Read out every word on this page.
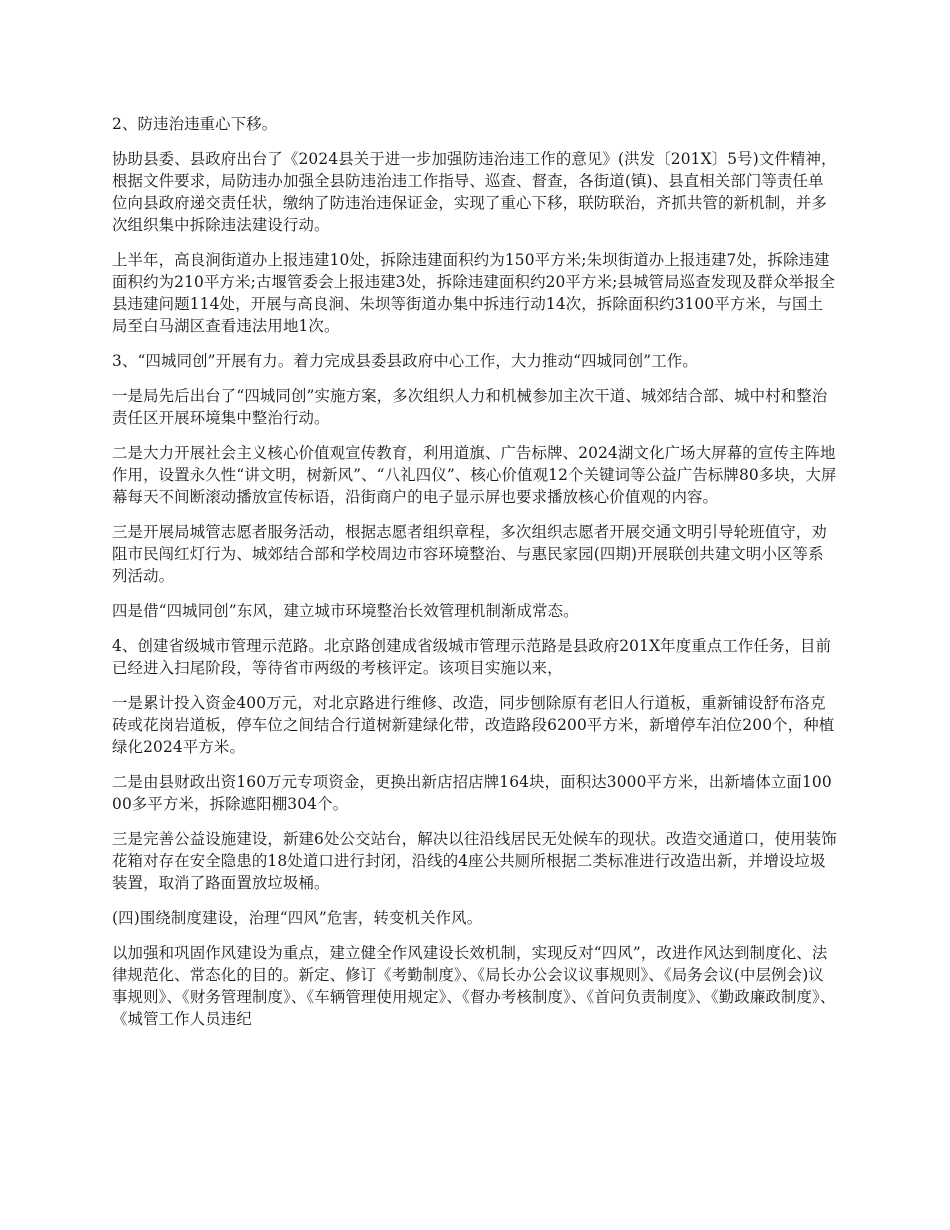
2、防违治违重心下移。

协助县委、县政府出台了《2024县关于进一步加强防违治违工作的意见》(洪发〔201X〕5号)文件精神，根据文件要求，局防违办加强全县防违治违工作指导、巡查、督查，各街道(镇)、县直相关部门等责任单位向县政府递交责任状，缴纳了防违治违保证金，实现了重心下移，联防联治，齐抓共管的新机制，并多次组织集中拆除违法建设行动。

上半年，高良涧街道办上报违建10处，拆除违建面积约为150平方米;朱坝街道办上报违建7处，拆除违建面积约为210平方米;古堰管委会上报违建3处，拆除违建面积约20平方米;县城管局巡查发现及群众举报全县违建问题114处，开展与高良涧、朱坝等街道办集中拆违行动14次，拆除面积约3100平方米，与国土局至白马湖区查看违法用地1次。

3、“四城同创”开展有力。着力完成县委县政府中心工作，大力推动“四城同创”工作。

一是局先后出台了“四城同创”实施方案，多次组织人力和机械参加主次干道、城郊结合部、城中村和整治责任区开展环境集中整治行动。

二是大力开展社会主义核心价值观宣传教育，利用道旗、广告标牌、2024湖文化广场大屏幕的宣传主阵地作用，设置永久性“讲文明，树新风”、“八礼四仪”、核心价值观12个关键词等公益广告标牌80多块，大屏幕每天不间断滚动播放宣传标语，沿街商户的电子显示屏也要求播放核心价值观的内容。

三是开展局城管志愿者服务活动，根据志愿者组织章程，多次组织志愿者开展交通文明引导轮班值守，劝阻市民闯红灯行为、城郊结合部和学校周边市容环境整治、与惠民家园(四期)开展联创共建文明小区等系列活动。

四是借“四城同创”东风，建立城市环境整治长效管理机制渐成常态。

4、创建省级城市管理示范路。北京路创建成省级城市管理示范路是县政府201X年度重点工作任务，目前已经进入扫尾阶段，等待省市两级的考核评定。该项目实施以来，

一是累计投入资金400万元，对北京路进行维修、改造，同步刨除原有老旧人行道板，重新铺设舒布洛克砖或花岗岩道板，停车位之间结合行道树新建绿化带，改造路段6200平方米，新增停车泊位200个，种植绿化2024平方米。

二是由县财政出资160万元专项资金，更换出新店招店牌164块，面积达3000平方米，出新墙体立面10000多平方米，拆除遮阳棚304个。

三是完善公益设施建设，新建6处公交站台，解决以往沿线居民无处候车的现状。改造交通道口，使用装饰花箱对存在安全隐患的18处道口进行封闭，沿线的4座公共厕所根据二类标准进行改造出新，并增设垃圾装置，取消了路面置放垃圾桶。

(四)围绕制度建设，治理“四风”危害，转变机关作风。

以加强和巩固作风建设为重点，建立健全作风建设长效机制，实现反对“四风”，改进作风达到制度化、法律规范化、常态化的目的。新定、修订《考勤制度》、《局长办公会议议事规则》、《局务会议(中层例会)议事规则》、《财务管理制度》、《车辆管理使用规定》、《督办考核制度》、《首问负责制度》、《勤政廉政制度》、《城管工作人员违纪
